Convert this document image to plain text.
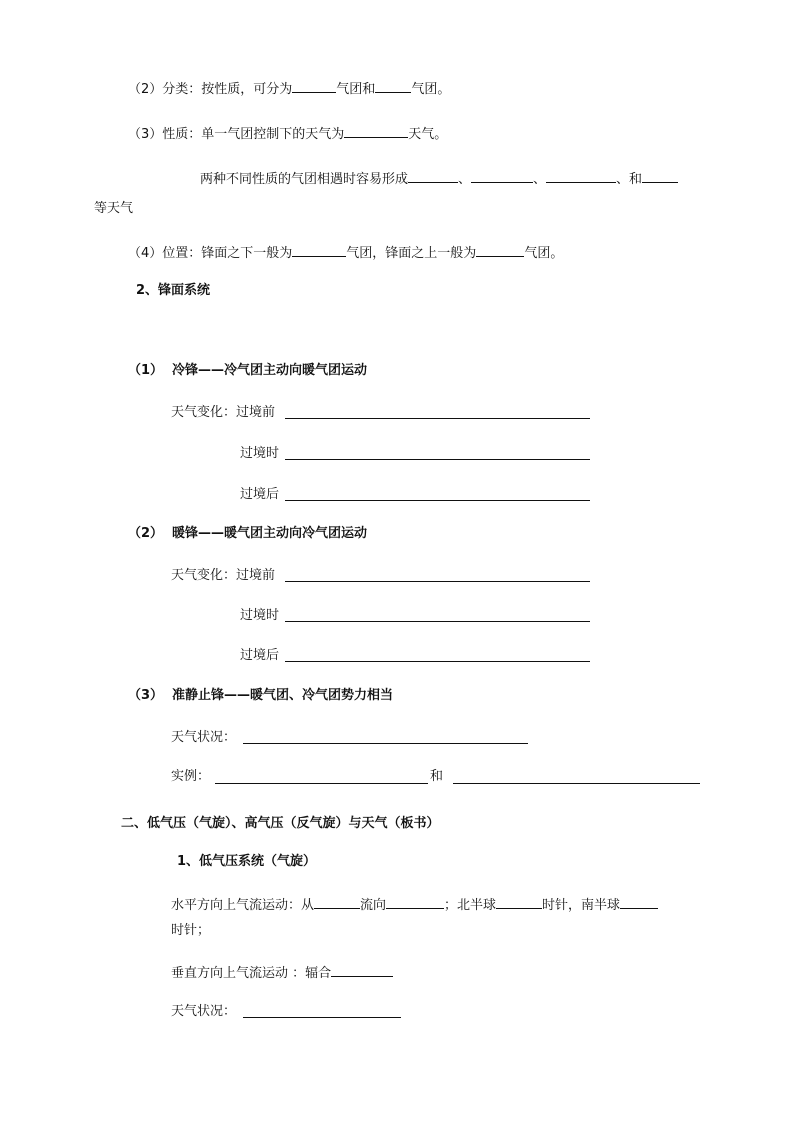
（2）分类：按性质，可分为	气团和	气团。
（3）性质：单一气团控制下的天气为	天气。
两种不同性质的气团相遇时容易形成	、	、	、和
等天气
（4）位置：锋面之下一般为	气团，锋面之上一般为	气团。
2、锋面系统
（1） 冷锋——冷气团主动向暖气团运动
天气变化：过境前
过境时
过境后
（2） 暖锋——暖气团主动向冷气团运动
天气变化：过境前
过境时
过境后
（3） 准静止锋——暖气团、冷气团势力相当
天气状况：
实例：	和
二、低气压（气旋）、高气压（反气旋）与天气（板书）
1、低气压系统（气旋）
水平方向上气流运动：从	流向	；北半球	时针，南半球
时针；
垂直方向上气流运动 ：辐合
天气状况：
